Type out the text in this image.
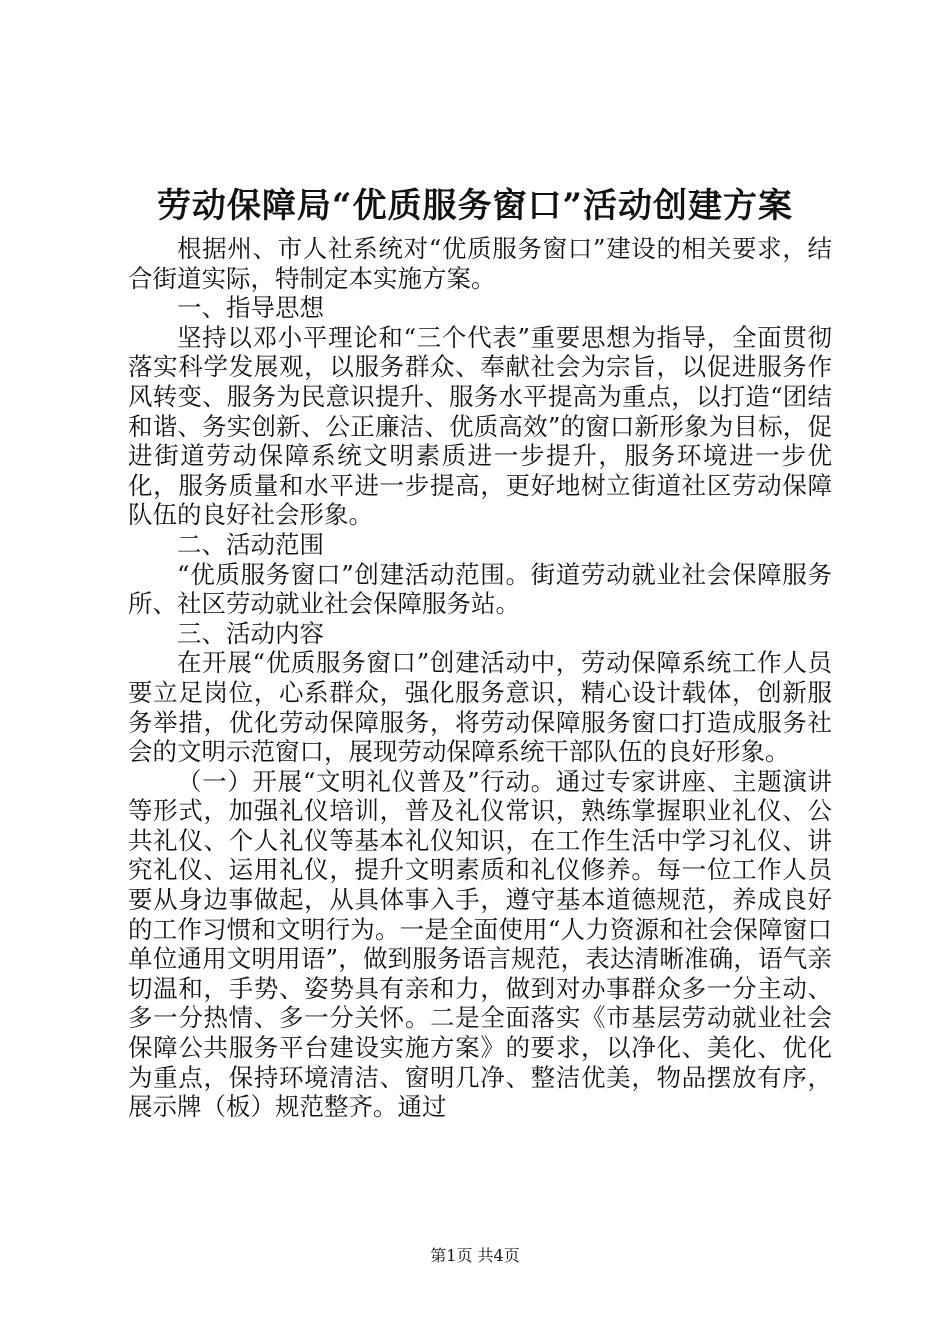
劳动保障局“优质服务窗口”活动创建方案

根据州、市人社系统对“优质服务窗口”建设的相关要求，结合街道实际，特制定本实施方案。

一、指导思想

坚持以邓小平理论和“三个代表”重要思想为指导，全面贯彻落实科学发展观，以服务群众、奉献社会为宗旨，以促进服务作风转变、服务为民意识提升、服务水平提高为重点，以打造“团结和谐、务实创新、公正廉洁、优质高效”的窗口新形象为目标，促进街道劳动保障系统文明素质进一步提升，服务环境进一步优化，服务质量和水平进一步提高，更好地树立街道社区劳动保障队伍的良好社会形象。

二、活动范围

“优质服务窗口”创建活动范围。街道劳动就业社会保障服务所、社区劳动就业社会保障服务站。

三、活动内容

在开展“优质服务窗口”创建活动中，劳动保障系统工作人员要立足岗位，心系群众，强化服务意识，精心设计载体，创新服务举措，优化劳动保障服务，将劳动保障服务窗口打造成服务社会的文明示范窗口，展现劳动保障系统干部队伍的良好形象。

（一）开展“文明礼仪普及”行动。通过专家讲座、主题演讲等形式，加强礼仪培训，普及礼仪常识，熟练掌握职业礼仪、公共礼仪、个人礼仪等基本礼仪知识，在工作生活中学习礼仪、讲究礼仪、运用礼仪，提升文明素质和礼仪修养。每一位工作人员要从身边事做起，从具体事入手，遵守基本道德规范，养成良好的工作习惯和文明行为。一是全面使用“人力资源和社会保障窗口单位通用文明用语”，做到服务语言规范，表达清晰准确，语气亲切温和，手势、姿势具有亲和力，做到对办事群众多一分主动、多一分热情、多一分关怀。二是全面落实《市基层劳动就业社会保障公共服务平台建设实施方案》的要求，以净化、美化、优化为重点，保持环境清洁、窗明几净、整洁优美，物品摆放有序，展示牌（板）规范整齐。通过

第1页 共4页
